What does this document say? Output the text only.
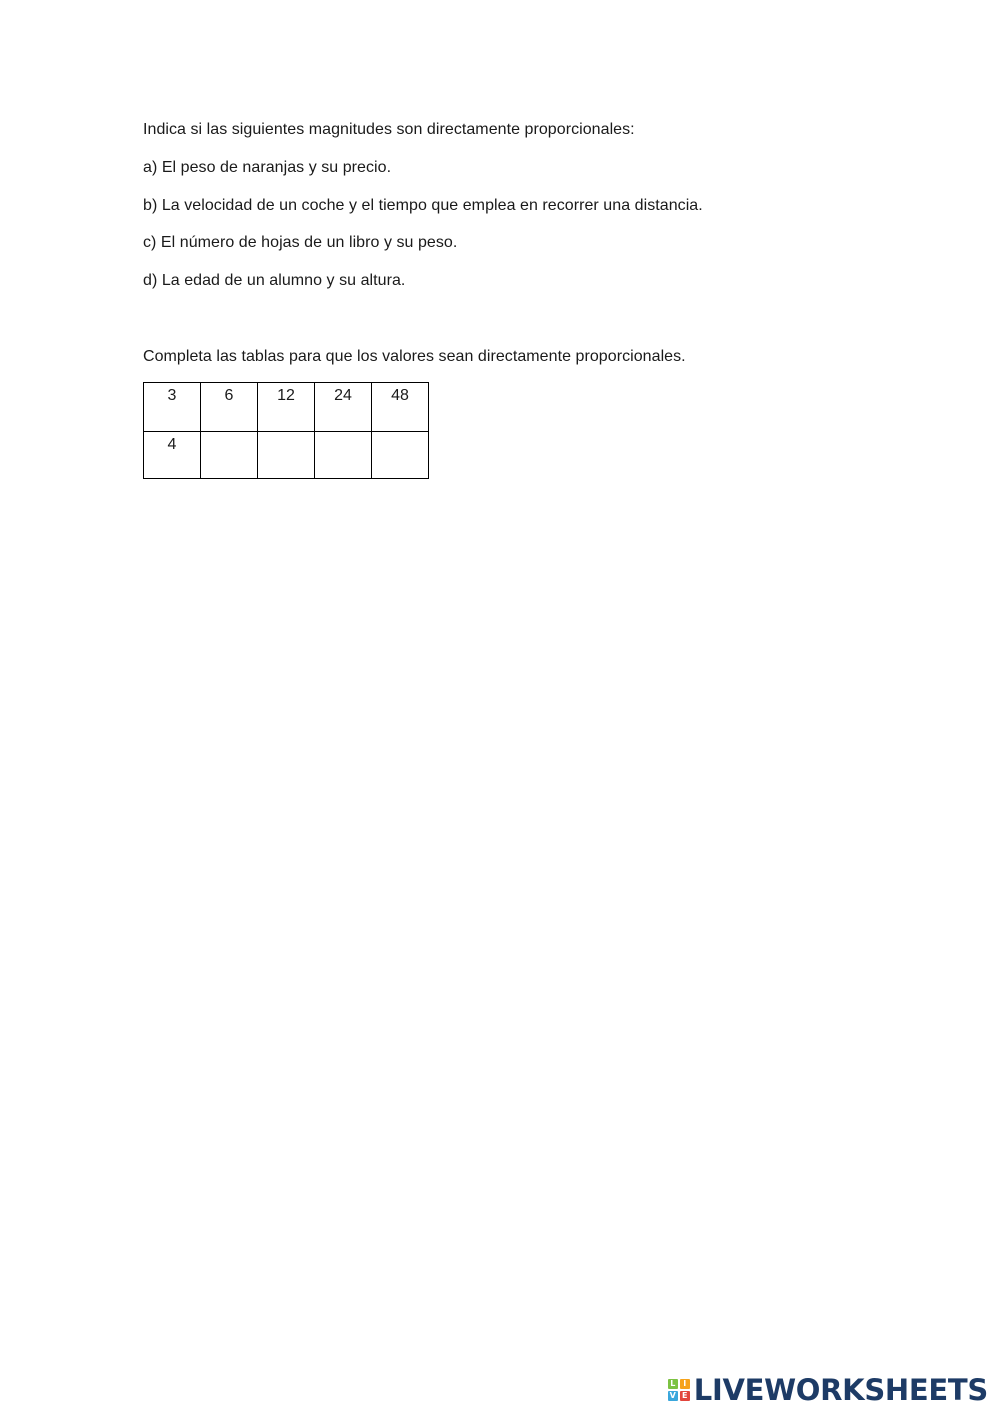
Indica si las siguientes magnitudes son directamente proporcionales:
a) El peso de naranjas y su precio.
b) La velocidad de un coche y el tiempo que emplea en recorrer una distancia.
c) El número de hojas de un libro y su peso.
d) La edad de un alumno y su altura.
Completa las tablas para que los valores sean directamente proporcionales.
3	6	12	24	48
4				
L I
V E LIVEWORKSHEETS
